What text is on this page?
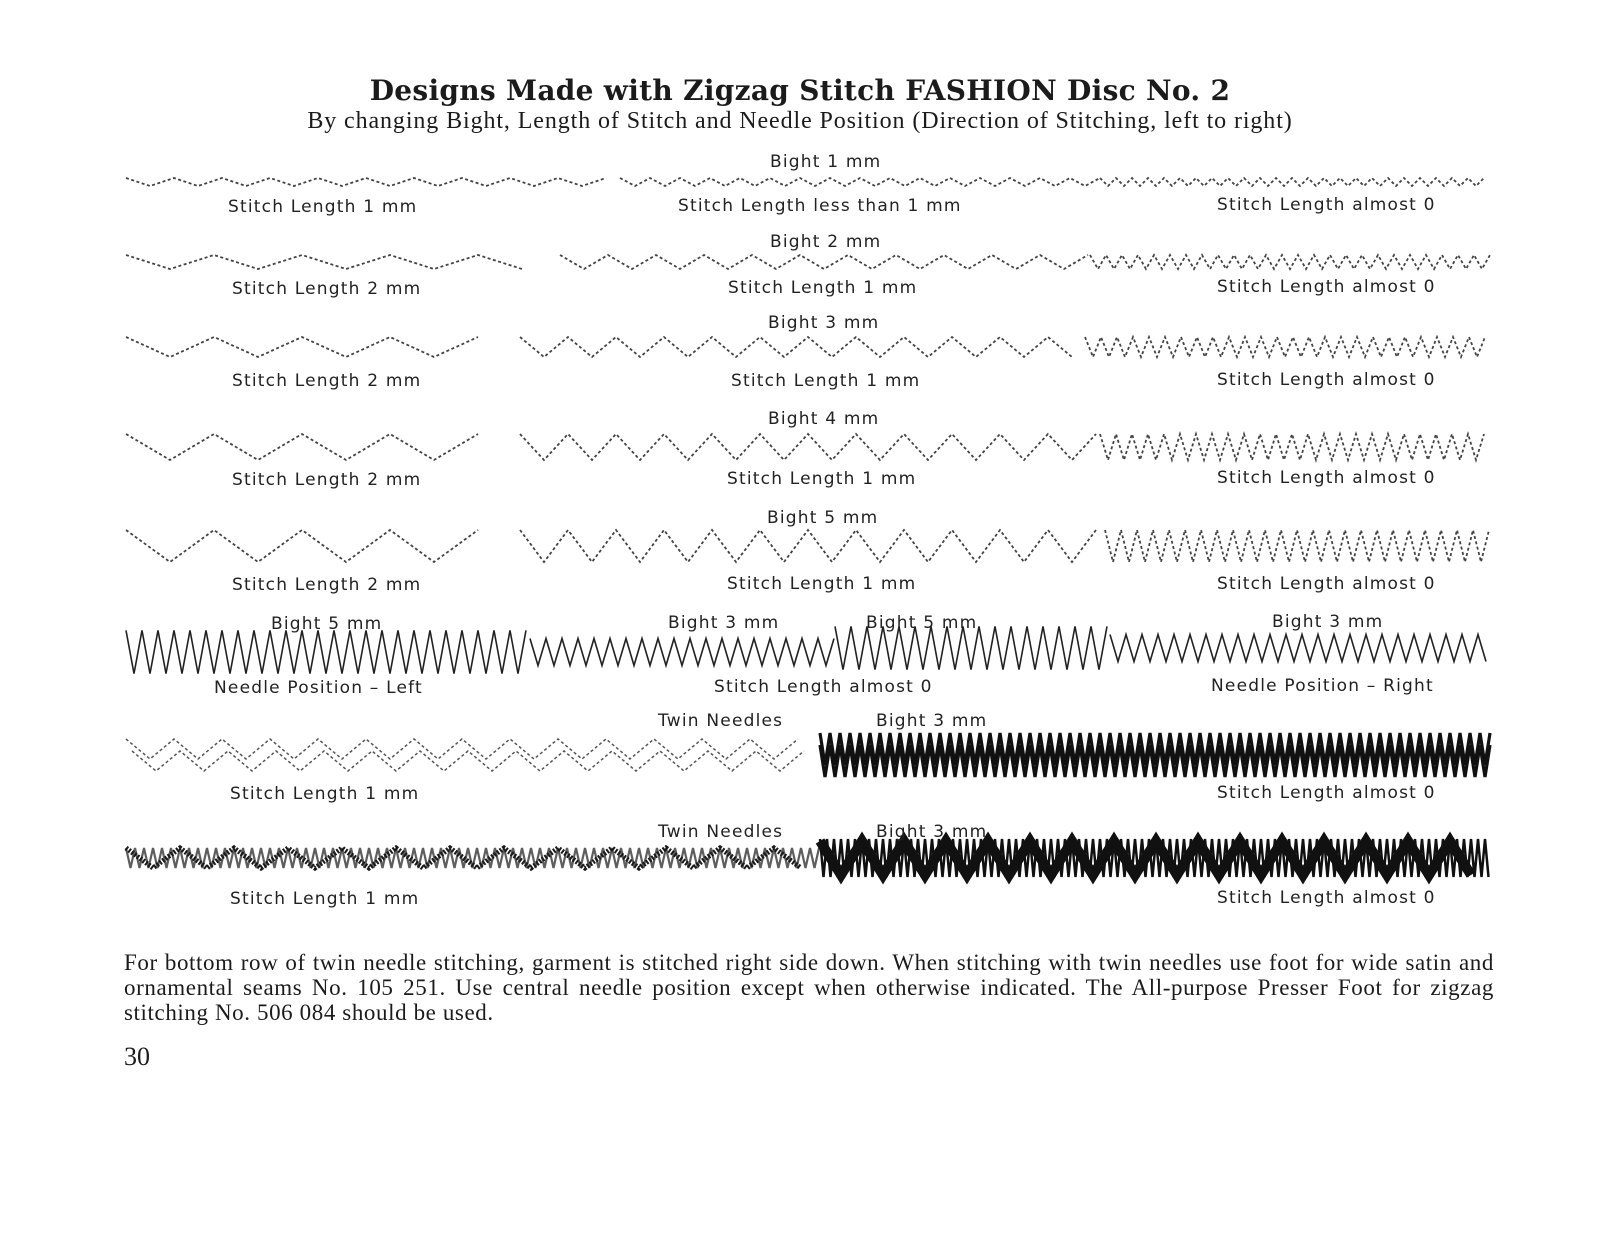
Designs Made with Zigzag Stitch FASHION Disc No. 2
By changing Bight, Length of Stitch and Needle Position (Direction of Stitching, left to right)
Bight 1 mm
Stitch Length 1 mm	Stitch Length less than 1 mm	Stitch Length almost 0
Bight 2 mm
Stitch Length 2 mm	Stitch Length 1 mm	Stitch Length almost 0
Bight 3 mm
Stitch Length 2 mm	Stitch Length 1 mm	Stitch Length almost 0
Bight 4 mm
Stitch Length 2 mm	Stitch Length 1 mm	Stitch Length almost 0
Bight 5 mm
Stitch Length 2 mm	Stitch Length 1 mm	Stitch Length almost 0
Bight 5 mm	Bight 3 mm	Bight 5 mm	Bight 3 mm
Needle Position – Left	Stitch Length almost 0	Needle Position – Right
Twin Needles	Bight 3 mm
Stitch Length 1 mm	Stitch Length almost 0
Twin Needles	Bight 3 mm
Stitch Length 1 mm	Stitch Length almost 0
For bottom row of twin needle stitching, garment is stitched right side down. When stitching with twin needles use foot for wide satin and ornamental seams No. 105 251. Use central needle position except when otherwise indicated. The All-purpose Presser Foot for zigzag stitching No. 506 084 should be used.
30
